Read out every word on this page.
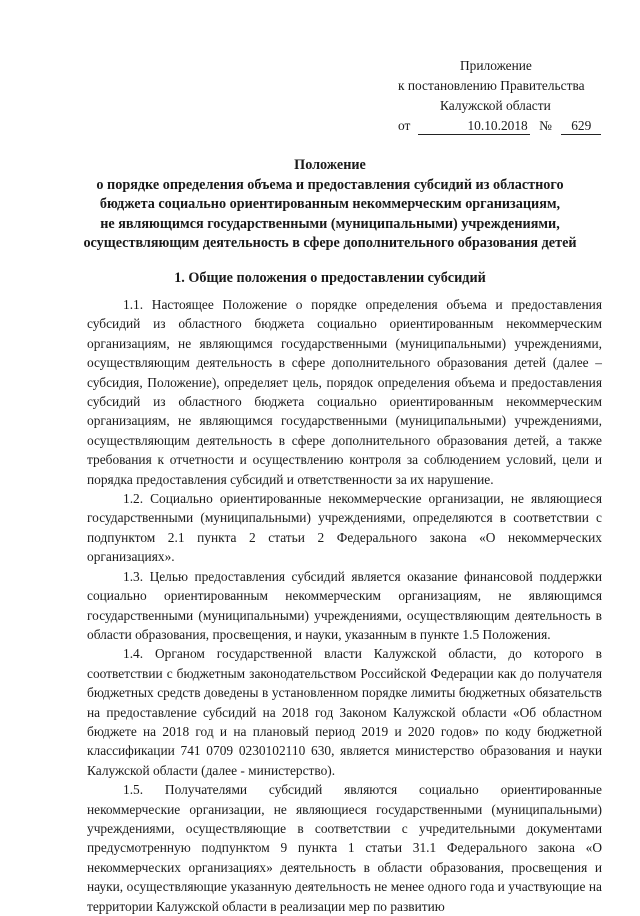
Приложение
к постановлению Правительства
Калужской области
от	10.10.2018 № 629
Положение
о порядке определения объема и предоставления субсидий из областного
бюджета социально ориентированным некоммерческим организациям,
не являющимся государственными (муниципальными) учреждениями,
осуществляющим деятельность в сфере дополнительного образования детей
1. Общие положения о предоставлении субсидий

1.1. Настоящее Положение о порядке определения объема и предоставления субсидий из областного бюджета социально ориентированным некоммерческим организациям, не являющимся государственными (муниципальными) учреждениями, осуществляющим деятельность в сфере дополнительного образования детей (далее – субсидия, Положение), определяет цель, порядок определения объема и предоставления субсидий из областного бюджета социально ориентированным некоммерческим организациям, не являющимся государственными (муниципальными) учреждениями, осуществляющим деятельность в сфере дополнительного образования детей, а также требования к отчетности и осуществлению контроля за соблюдением условий, цели и порядка предоставления субсидий и ответственности за их нарушение.

1.2. Социально ориентированные некоммерческие организации, не являющиеся государственными (муниципальными) учреждениями, определяются в соответствии с подпунктом 2.1 пункта 2 статьи 2 Федерального закона «О некоммерческих организациях».

1.3. Целью предоставления субсидий является оказание финансовой поддержки социально ориентированным некоммерческим организациям, не являющимся государственными (муниципальными) учреждениями, осуществляющим деятельность в области образования, просвещения, и науки, указанным в пункте 1.5 Положения.

1.4. Органом государственной власти Калужской области, до которого в соответствии с бюджетным законодательством Российской Федерации как до получателя бюджетных средств доведены в установленном порядке лимиты бюджетных обязательств на предоставление субсидий на 2018 год Законом Калужской области «Об областном бюджете на 2018 год и на плановый период 2019 и 2020 годов» по коду бюджетной классификации 741 0709 0230102110 630, является министерство образования и науки Калужской области (далее - министерство).

1.5. Получателями субсидий являются социально ориентированные некоммерческие организации, не являющиеся государственными (муниципальными) учреждениями, осуществляющие в соответствии с учредительными документами предусмотренную подпунктом 9 пункта 1 статьи 31.1 Федерального закона «О некоммерческих организациях» деятельность в области образования, просвещения и науки, осуществляющие указанную деятельность не менее одного года и участвующие на территории Калужской области в реализации мер по развитию
